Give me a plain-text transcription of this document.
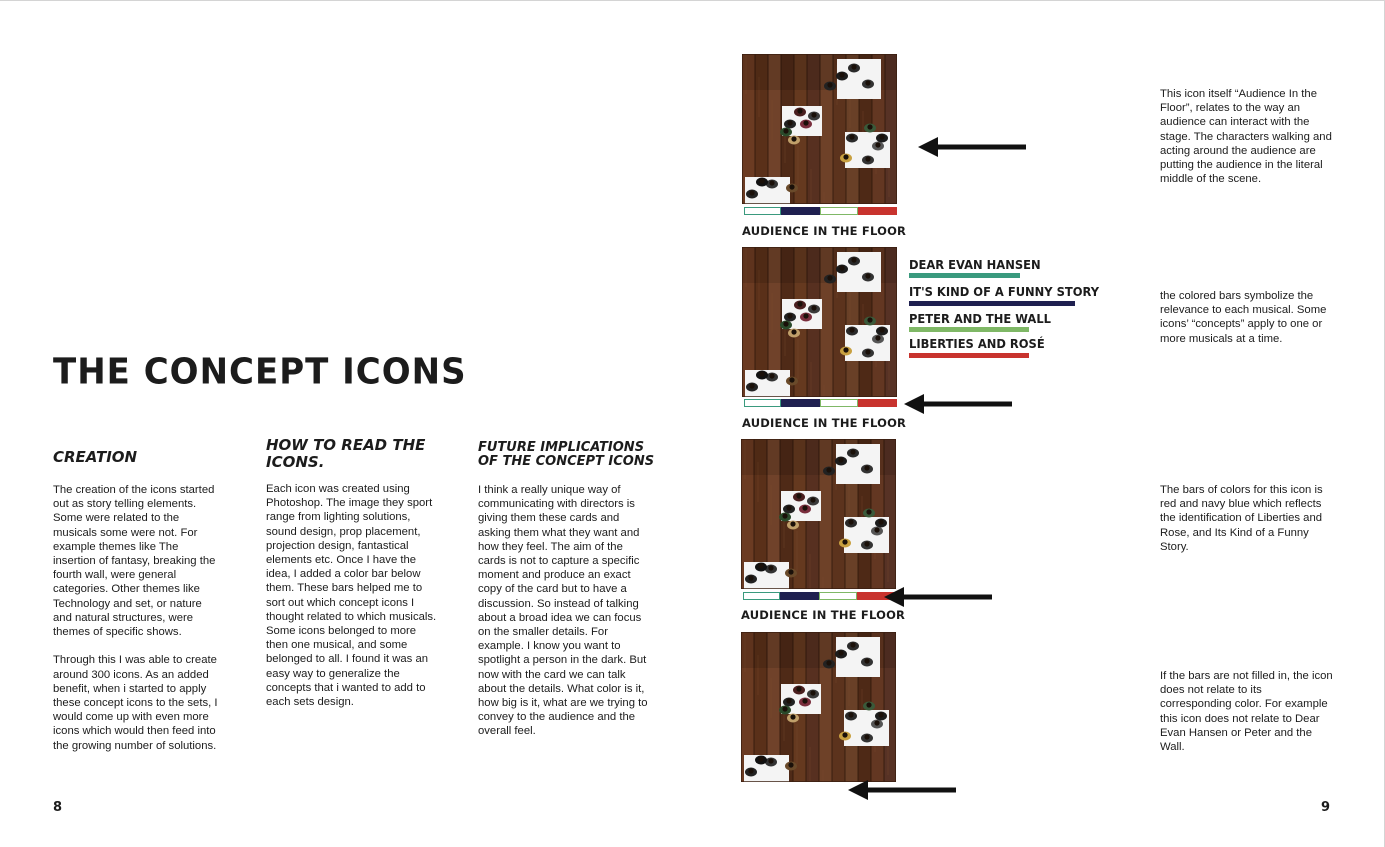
THE CONCEPT ICONS
CREATION
The creation of the icons started out as story telling elements. Some were related to the musicals some were not. For example themes like The insertion of fantasy, breaking the fourth wall, were general categories. Other themes like Technology and set, or nature and natural structures, were themes of specific shows.

Through this I was able to create around 300 icons. As an added benefit, when i started to apply these concept icons to the sets, I would come up with even more icons which would then feed into the growing number of solutions.
HOW TO READ THE
ICONS.
Each icon was created using Photoshop. The image they sport range from lighting solutions, sound design, prop placement, projection design, fantastical elements etc. Once I have the idea, I added a color bar below them. These bars helped me to sort out which concept icons I thought related to which musicals. Some icons belonged to more then one musical, and some belonged to all. I found it was an easy way to generalize the concepts that i wanted to add to each sets design.
FUTURE IMPLICATIONS
OF THE CONCEPT ICONS
I think a really unique way of communicating with directors is giving them these cards and asking them what they want and how they feel. The aim of the cards is not to capture a specific moment and produce an exact copy of the card but to have a discussion. So instead of talking about a broad idea we can focus on the smaller details. For example. I know you want to spotlight a person in the dark. But now with the card we can talk about the details. What color is it, how big is it, what are we trying to convey to the audience and the overall feel.
8
AUDIENCE IN THE FLOOR
AUDIENCE IN THE FLOOR
AUDIENCE IN THE FLOOR
DEAR EVAN HANSEN
IT'S KIND OF A FUNNY STORY
PETER AND THE WALL
LIBERTIES AND ROSÉ
This icon itself “Audience In the Floor”, relates to the way an audience can interact with the stage. The characters walking and acting around the audience are putting the audience in the literal middle of the scene.
the colored bars symbolize the relevance to each musical. Some icons’ “concepts” apply to one or more musicals at a time.
The bars of colors for this icon is red and navy blue which reflects the identification of Liberties and Rose, and Its Kind of a Funny Story.
If the bars are not filled in, the icon does not relate to its corresponding color. For example this icon does not relate to Dear Evan Hansen or Peter and the Wall.
9
